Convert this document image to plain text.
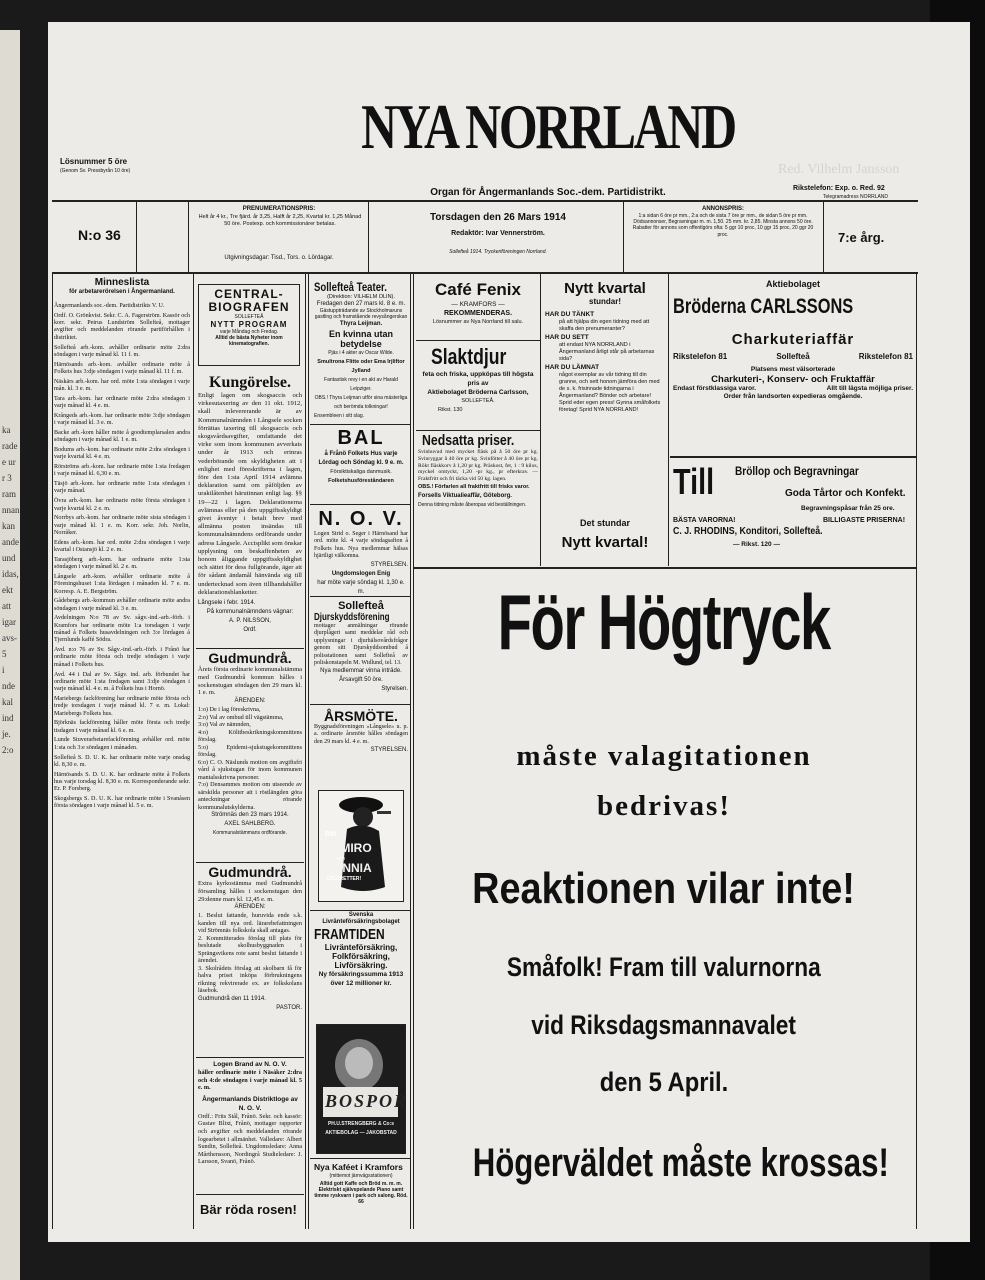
ka
rade
e ur
r 3
ram
nnan
kan
ande
und
idas,
ekt
att
igar
avs-
5
i
nde
kal
ind
je.
2:o
NYA NORRLAND
Organ för Ångermanlands Soc.-dem. Partidistrikt.
Lösnummer 5 öre
(Genom Sv. Pressbyrån 10 öre)
Rikstelefon: Exp. o. Red. 92
Telegramadress NORRLAND
N:o 36
PRENUMERATIONSPRIS:
Helt år 4 kr., Tre fjärd. år 3,25, Halft år 2,25, Kvartal kr. 1,25 Månad 50 öre. Postexp. och kommissionärer betalas.
Utgivningsdagar: Tisd., Tors. o. Lördagar.
Torsdagen den 26 Mars 1914
Redaktör: Ivar Vennerström.
Sollefteå 1914. Tryckeriföreningen Norrland.
ANNONSPRIS:
1:a sidan 6 öre pr mm., 2:a och de sista 7 öre pr mm., de sidan 5 öre pr mm. Dödsannonser, Begravningar m. m. 1,50. 25 mm. kr. 2,85. Minsta annons 50 öre. Rabatter för annons som offentlgörs ofta: 5 ggr 10 proc, 10 ggr 15 proc, 20 ggr 20 proc.	7:e årg.
Minneslista
för arbetarerörelsen i Ångermanland.
Ångermanlands soc.-dem. Partidistrikts V. U.
Ordf. O. Grönkvist. Sekr. C. A. Fagerström. Kassör och korr. sekr. Petrus Lundström Sollefteå, mottager avgifter och meddelanden rörande partiförhållen i distriktet.
Sollefteå arb.-kom. avhåller ordinarie möte 2:dra söndagen i varje månad kl. 11 f. m.
Härnösands arb.-kom. avhåller ordinarie möte å Folkets hus 3:dje söndagen i varje månad kl. 11 f. m.
Näskärs arb.-kom. har ord. möte 1:sta söndagen i varje mån. kl. 3 e. m.
Tara arb.-kom. har ordinarie möte 2:dra söndagen i varje månad kl. 4 e. m.
Krångeds arb.-kom. har ordinarie möte 3:dje söndagen i varje månad kl. 3 e. m.
Backe arb.-kom håller möte å goodtemplarsalen andra söndagen i varje månad kl. 1 e. m.
Bodums arb.-kom. har ordinarie möte 2:dra söndagen i varje kvartal kl. 4 e. m.
Rörströms arb.-kom. har ordinarie möte 1:sta fredagen i varje månad kl. 6,30 e. m.
Täsjö arb.-kom. har ordinarie möte 1:sta söndagen i varje månad.
Övra arb.-kom. har ordinarie möte första söndagen i varje kvartal kl. 2 e. m.
Norrbys arb.-kom. har ordinarie möte sista söndagen i varje månad kl. 1 e. m. Korr. sekr. Joh. Norlin, Norråker.
Edens arb.-kom. har ord. möte 2:dra söndagen i varje kvartal i Ostansjö kl. 2 e. m.
Tarasjöberg arb.-kom. har ordinarie möte 1:sta söndagen i varje månad kl. 2 e. m.
Långsele arb.-kom. avhåller ordinarie möte å Föreningshuset 1:sta lördagen i månaden kl. 7 e. m. Korresp. A. E. Bergström.
Gådebergs arb.-kommun avhåller ordinarie möte andra söndagen i varje månad kl. 3 e. m.
Avdelningen N:o 78 av Sv. sågv.-ind.-arb.-förb. i Kramfors har ordinarie möte 1:a torsdagen i varje månad å Folkets husavdelningen och 3:e lördagen å Tjernlunds kaffé Södra.
Avd. n:o 76 av Sv. Sågv.-ind.-arb.-förb. i Frånö har ordinarie möte första och tredje söndagen i varje månad i Folkets hus.
Avd. 44 i Dal av Sv. Sågv. ind. arb. förbundet har ordinarie möte 1:sta fredagen samt 3:dje söndagen i varje månad kl. 4 e. m. å Folkets hus i Hornö.
Mariebergs fackförening har ordinarie möte första och tredje torsdagen i varje månad kl. 7 e. m. Lokal: Mariebergs Folkets hus.
Björknäs fackförening håller möte första och tredje tisdagen i varje månad kl. 6 e. m.
Lunde Stuverarbetarefackförening avhåller ord. möte 1:sta och 3:e söndagen i månaden.
Sollefteå S. D. U. K. har ordinarie möte varje onsdag kl. 8,30 e. m.
Härnösands S. D. U. K. har ordinarie möte å Folkets hus varje torsdag kl. 8,30 e. m. Korresponderande sekr. Er. P. Forsberg.
Skogsbergs S. D. U. K. har ordinarie möte i Svanåsen första söndagen i varje månad kl. 5 e. m.
CENTRAL-
BIOGRAFEN
SOLLEFTEÅ
NYTT PROGRAM
varje Måndag och Fredag.
Alltid de bästa Nyheter inom kinematografien.
Kungörelse.
Enligt lagen om skogsaccis och virkesutaxering av den 11 okt. 1912, skall inlevererande är av Kommunalnämnden i Långsele socken förrättas taxering till skogsaccis och skogsvårdsavgifter, omfattande det virke som inom kommunen avverkats under år 1913 och erinras vederbörande om skyldigheten att i enlighet med föreskrifterna i lagen, före den 1:sta April 1914 avlämna deklaration samt om påföljden av uraktlåtenhet härutinnan enligt lag. §§ 19—22 i lagen. Deklarationerna avlämnas eller på den uppgiftsskyldigt givet åventyr i betalt brev med allmänna posten insändas till kommunalnämndens ordförande under adress Långsele. Accisplikt som önskar upplysning om beskaffenheten av honom åliggande uppgiftsskyldighet och sättet för dess fullgörande, äger att för sådant ändamål hänvända sig till undertecknad som även tillhandahåller deklarationsblanketter.
Långsele i febr. 1914.
På kommunalnämndens vägnar:
A. P. NILSSON,
Ordf.
Gudmundrå.
Årets första ordinarie kommunalstämma med Gudmundrå kommun hålles i sockenstugan söndagen den 29 mars kl. 1 e. m.
ÄRENDEN:
1:o) De i lag föreskrivna,
2:o) Val av ombud till vägstämma,
3:o) Val av nämnden,
4:o) Kölitbeskrikningskommittens förslag.
5:o) Epidemi-sjukstugekommittens förslag.
6:o) C. O. Näslunds motion om avgiftsfri vård å sjukstugan för inom kommunen mantalsskrivna personer.
7:o) Densammes motion om utseende av särskilda personer att i röstlängden göra anteckningar rörande kommunalutskylderna.
Strömnäs den 23 mars 1914.
AXEL SAHLBERG.
Kommunalstämmans ordförande.
Gudmundrå.
Extra kyrkostämma med Gudmundrå församling hålles i sockenstugan den 29:denne mars kl. 12,45 e. m.
ÄRENDEN:
1. Beslut fattande, huruvida ende s.k. kanden till nya ord. lärarebefattningen vid Strömnäs folkskola skall antagas.
2. Kommitterades förslag till plats för beslutade skolhusbyggnaden i Sprängsvikens rote samt beslut fattande i ärendet.
3. Skolrådets förslag att skolbarn få för halva priset inköpa förbrukningens rikning rekvirerade ex. av folkskolans läsebok.
Gudmundrå den 11 1914.
PASTOR.
Logen Brand av N. O. V.
håller ordinarie möte i Näsåker 2:dra och 4:de söndagen i varje månad kl. 5 e. m.
Ångermanlands Distriktloge av N. O. V.
Ordf.: Frits Stål, Frånö. Sekr. och kassör: Gustav Blixt, Frånö, mottager rapporter och avgifter och meddelanden rörande logearbetet i allmänhet. Valledare: Albert Sundin, Sollefteå. Ungdomsledare: Anna Mårthensson, Nordingrå Studieledare: J. Larsson, Svanö, Frånö.
Bär röda rosen!
Sollefteå Teater.
(Direktion: VILHELM OLIN).
Fredagen den 27 mars kl. 8 e. m.
Gästuppträdande av Stockholmaruns gastling och framstående revysångerskan
Thyra Leijman.
En kvinna utan betydelse
Pjäs i 4 akter av Oscar Wilde.
Smultrona Flitte oder Ema Irjliftor Jylland
Fantastisk revy i en akt av Harald Leipziger.
OBS.! Thyra Leijman utför sina mästerliga och berömda tolkningar!
Ensembleen i sitt slag.
BAL
å Frånö Folkets Hus varje Lördag och Söndag kl. 9 e. m.
Försiktiskaliga danmusik.
Folketshusföreståndaren
N. O. V.
Logen Strid o. Seger i Härnösand har ord. möte kl. 4 varje söndagsafton å Folkets hus. Nya medlemmar hälsas hjärtligt välkomna.
STYRELSEN.
Ungdomslogen Enig
har möte varje söndag kl. 1,30 e. m.
Sollefteå
Djurskyddsförening
mottager anmälningar rörande djurplågeri samt meddelar råd och upplysningar i djurhälsovårdsfrågor genom sitt Djurskyddsombud å polisstationen samt Sollefteå av poliskonstapeln M. Widlund, tel. 13.
Nya medlemmar vinna inträde. Årsavgift 50 öre.
Styrelsen.
ÅRSMÖTE.
Byggnadsföreningen »Långsele» u. p. a. ordinarie årsmöte hålles söndagen den 29 mars kl. 4 e. m.
STYRELSEN.
Röt
ARMIRO
och
FENNIA
CIGARETTER!
Svenska Livränteförsäkringsbolaget
FRAMTIDEN
Livränteförsäkring,
Folkförsäkring,
Livförsäkring.
Ny försäkringssumma 1913
över 12 millioner kr.
BOSPOR
PH.U.STRENGBERG & Co:s AKTIEBOLAG — JAKOBSTAD
Nya Kaféet i Kramfors
(mittemot järnvägsstationen)
Alltid gott Kaffe och Bröd m. m. m. Elektriskt självspelande Piano samt timme ryskvarn i park och salong. Röd. 66
Café Fenix
— KRAMFORS —
REKOMMENDERAS.
Lösnummer av Nya Norrland till salu.
Slaktdjur
feta och friska, uppköpas till högsta pris av
Aktiebolaget Bröderna Carlsson,
SOLLEFTEÅ.
Rikst. 130
Nedsatta priser.
Svinhuvud med mycket fläsk på å 50 öre pr kg. Svinryggar å 40 öre pr kg. Svinfötter å 40 öre pr kg. Rökt fläskkorv å 1,20 pr kg. Präskost, fet, 1 : 9 kilos, myckel omtyckt, 1,20 -pr kg., pr efterkrav. — Fraktfritt och fri täcka vid 50 kg. lagen.
OBS.! Förfarlen all fraktfritt till frisks varor.
Forsells Viktualieaffär, Göteborg.
Denna tidning måste åberopas vid beställningen.
Nytt kvartal
stundar!
HAR DU TÄNKT
på att hjälpa din egen tidning med att skaffa den prenumeranter?
HAR DU SETT
att endast NYA NORRLAND i Ångermanland årligt står på arbetarnas sida?
HAR DU LÄMNAT
något exemplar av vår tidning till din granne, och sett honom jämföra den med de s. k. frisinnade tidningarna i Ångermanland? Bönder och arbetare! Sprid eder egen press! Gynna småfolkets företag! Sprid NYA NORRLAND!
Det stundar
Nytt kvartal!
Aktiebolaget
Bröderna CARLSSONS
Charkuteriaffär
Rikstelefon 81	Sollefteå	Rikstelefon 81
Platsens mest välsorterade
Charkuteri-, Konserv- och Fruktaffär
Endast förstklassiga varor.	Allt till lägsta möjliga priser.
Order från landsorten expedieras omgående.
Till	Bröllop och Begravningar
Goda Tårtor och Konfekt.
Begravningspåsar från 25 ore.
BÄSTA VARORNA!	BILLIGASTE PRISERNA!
C. J. RHODINS, Konditori, Sollefteå.
— Rikst. 120 —
För Högtryck
måste valagitationen
bedrivas!
Reaktionen vilar inte!
Småfolk! Fram till valurnorna
vid Riksdagsmannavalet
den 5 April.
Högerväldet måste krossas!
Red. Vilhelm Jansson
